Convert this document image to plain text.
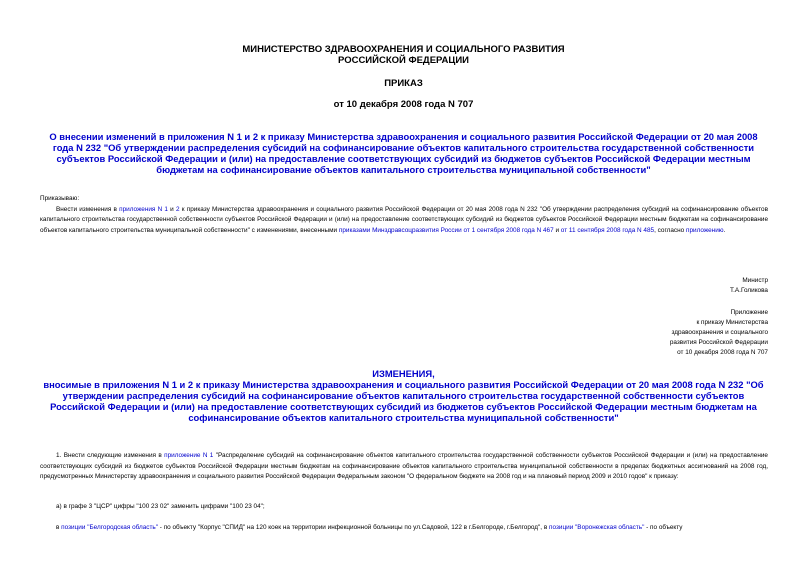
МИНИСТЕРСТВО ЗДРАВООХРАНЕНИЯ И СОЦИАЛЬНОГО РАЗВИТИЯ
РОССИЙСКОЙ ФЕДЕРАЦИИ
ПРИКАЗ
от 10 декабря 2008 года N 707
О внесении изменений в приложения N 1 и 2 к приказу Министерства здравоохранения и социального развития Российской Федерации от 20 мая 2008 года N 232 "Об утверждении распределения субсидий на софинансирование объектов капитального строительства государственной собственности субъектов Российской Федерации и (или) на предоставление соответствующих субсидий из бюджетов субъектов Российской Федерации местным бюджетам на софинансирование объектов капитального строительства муниципальной собственности"
Приказываю:
Внести изменения в приложения N 1 и 2 к приказу Министерства здравоохранения и социального развития Российской Федерации от 20 мая 2008 года N 232 "Об утверждении распределения субсидий на софинансирование объектов капитального строительства государственной собственности субъектов Российской Федерации и (или) на предоставление соответствующих субсидий из бюджетов субъектов Российской Федерации местным бюджетам на софинансирование объектов капитального строительства муниципальной собственности" с изменениями, внесенными приказами Минздравсоцразвития России от 1 сентября 2008 года N 467 и от 11 сентября 2008 года N 485, согласно приложению.
Министр
Т.А.Голикова
Приложение
к приказу Министерства
здравоохранения и социального
развития Российской Федерации
от 10 декабря 2008 года N 707
ИЗМЕНЕНИЯ,
вносимые в приложения N 1 и 2 к приказу Министерства здравоохранения и социального развития Российской Федерации от 20 мая 2008 года N 232 "Об утверждении распределения субсидий на софинансирование объектов капитального строительства государственной собственности субъектов Российской Федерации и (или) на предоставление соответствующих субсидий из бюджетов субъектов Российской Федерации местным бюджетам на софинансирование объектов капитального строительства муниципальной собственности"
1. Внести следующие изменения в приложение N 1 "Распределение субсидий на софинансирование объектов капитального строительства государственной собственности субъектов Российской Федерации и (или) на предоставление соответствующих субсидий из бюджетов субъектов Российской Федерации местным бюджетам на софинансирование объектов капитального строительства муниципальной собственности в пределах бюджетных ассигнований на 2008 год, предусмотренных Министерству здравоохранения и социального развития Российской Федерации Федеральным законом "О федеральном бюджете на 2008 год и на плановый период 2009 и 2010 годов" к приказу:
а) в графе 3 "ЦСР" цифры "100 23 02" заменить цифрами "100 23 04";
в позиции "Белгородская область" - по объекту "Корпус "СПИД" на 120 коек на территории инфекционной больницы по ул.Садовой, 122 в г.Белгороде, г.Белгород", в позиции "Воронежская область" - по объекту
